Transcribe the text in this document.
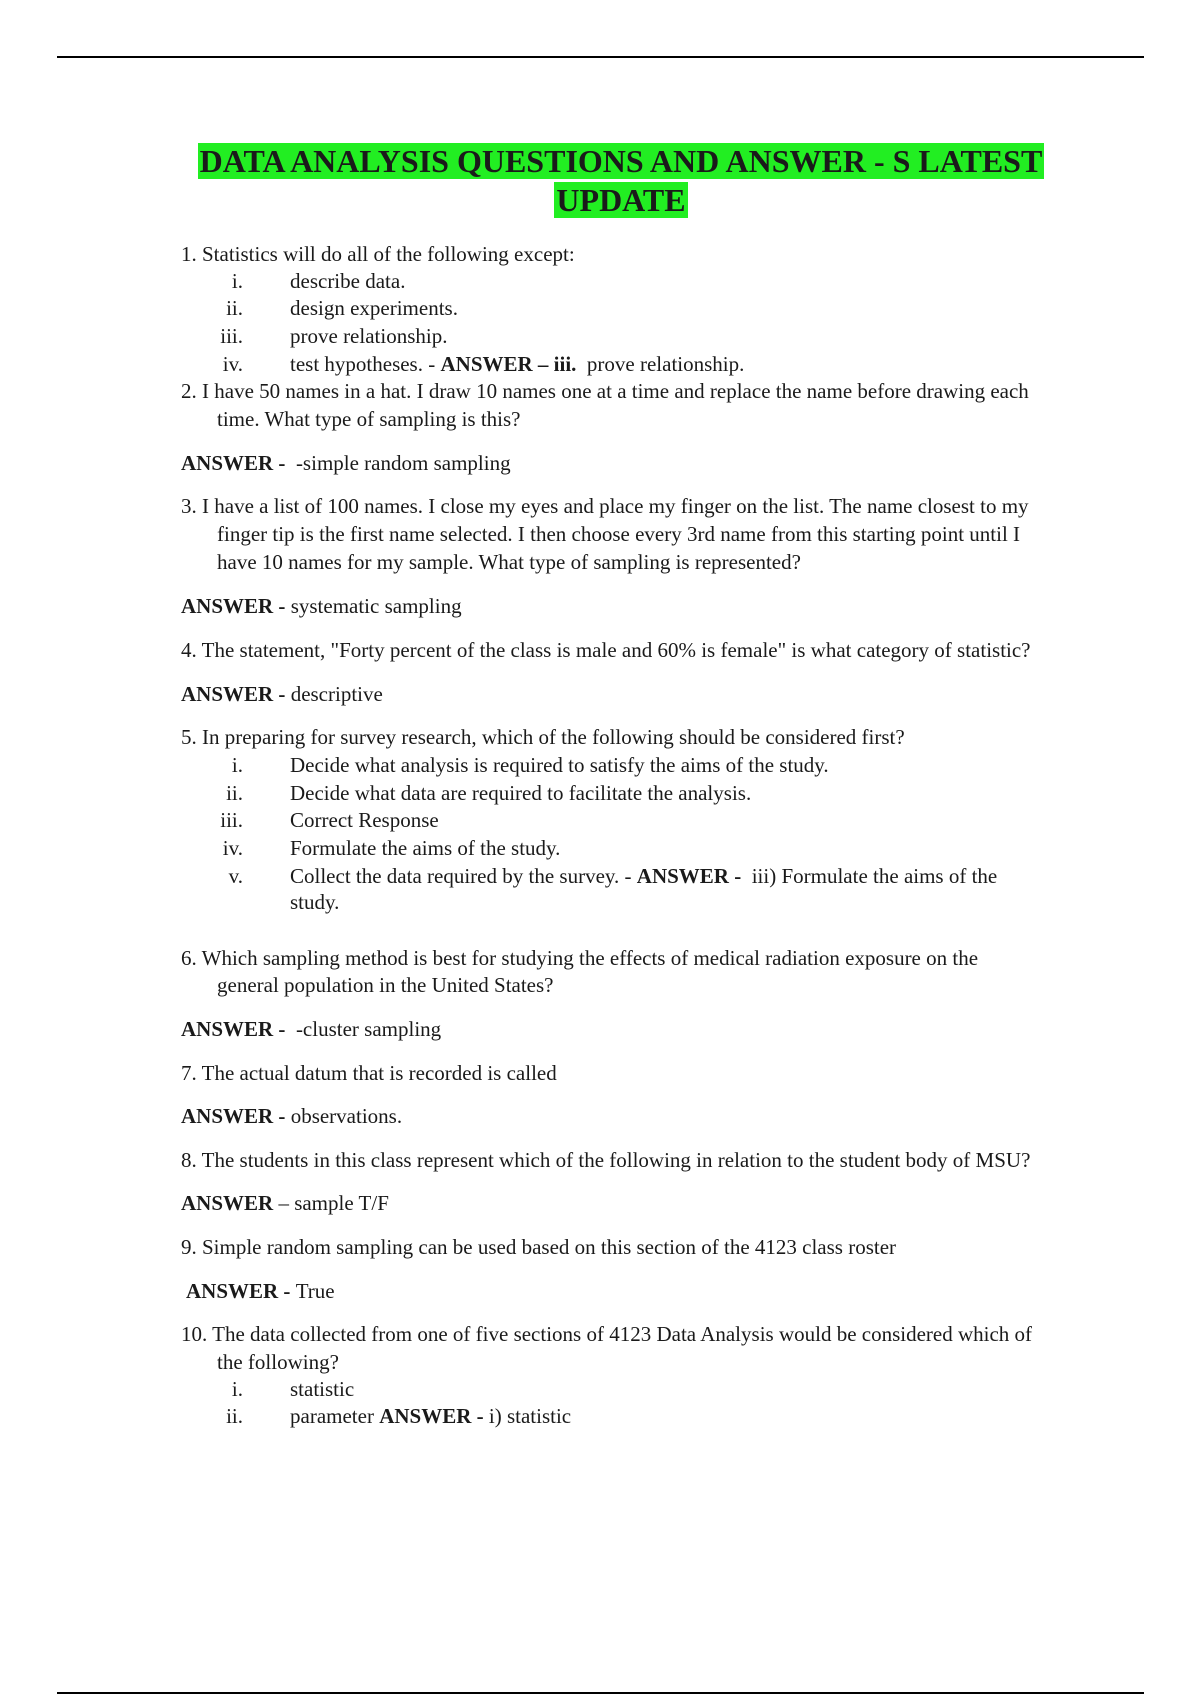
DATA ANALYSIS QUESTIONS AND ANSWER - S LATEST
UPDATE
1. Statistics will do all of the following except:
i. describe data.
ii. design experiments.
iii. prove relationship.
iv. test hypotheses. - ANSWER – iii. prove relationship.
2. I have 50 names in a hat. I draw 10 names one at a time and replace the name before drawing each
time. What type of sampling is this?
ANSWER -  -simple random sampling
3. I have a list of 100 names. I close my eyes and place my finger on the list. The name closest to my
finger tip is the first name selected. I then choose every 3rd name from this starting point until I
have 10 names for my sample. What type of sampling is represented?
ANSWER - systematic sampling
4. The statement, "Forty percent of the class is male and 60% is female" is what category of statistic?
ANSWER - descriptive
5. In preparing for survey research, which of the following should be considered first?
i. Decide what analysis is required to satisfy the aims of the study.
ii. Decide what data are required to facilitate the analysis.
iii. Correct Response
iv. Formulate the aims of the study.
v. Collect the data required by the survey. - ANSWER -  iii) Formulate the aims of the
study.
6. Which sampling method is best for studying the effects of medical radiation exposure on the
general population in the United States?
ANSWER -  -cluster sampling
7. The actual datum that is recorded is called
ANSWER - observations.
8. The students in this class represent which of the following in relation to the student body of MSU?
ANSWER – sample T/F
9. Simple random sampling can be used based on this section of the 4123 class roster
ANSWER - True
10. The data collected from one of five sections of 4123 Data Analysis would be considered which of
the following?
i. statistic
ii. parameter ANSWER - i) statistic
